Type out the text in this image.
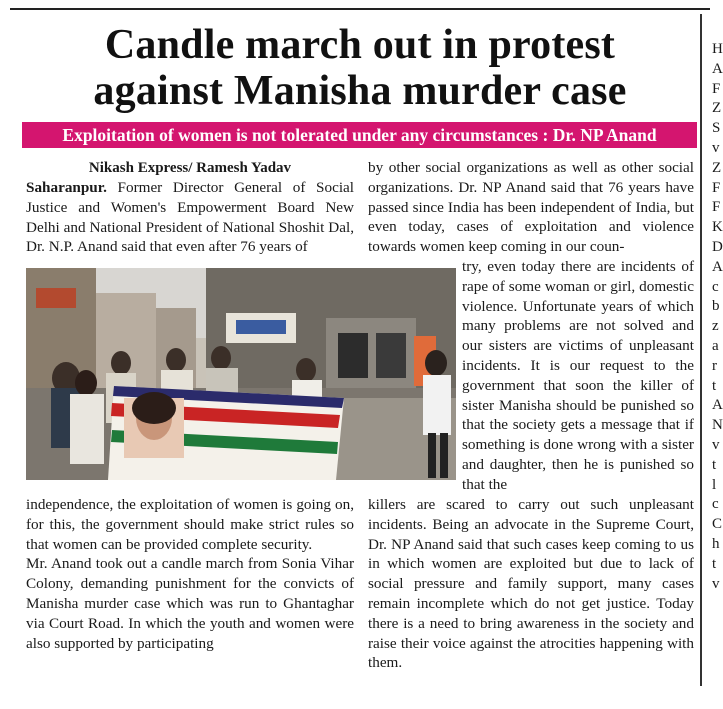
Candle march out in protest
against Manisha murder case
Exploitation of women is not tolerated under any circumstances : Dr. NP Anand
Nikash Express/ Ramesh Yadav

Saharanpur. Former Director General of Social Justice and Women's Empowerment Board New Delhi and National President of National Shoshit Dal, Dr. N.P. Anand said that even after 76 years of

independence, the exploitation of women is going on, for this, the government should make strict rules so that women can be provided complete security.

Mr. Anand took out a candle march from Sonia Vihar Colony, demanding punishment for the convicts of Manisha murder case which was run to Ghantaghar via Court Road. In which the youth and women were also supported by participating

by other social organizations as well as other social organizations. Dr. NP Anand said that 76 years have passed since India has been independent of India, but even today, cases of exploitation and violence towards women keep coming in our coun-

try, even today there are incidents of rape of some woman or girl, domestic violence. Unfortunate years of which many problems are not solved and our sisters are victims of unpleasant incidents. It is our request to the government that soon the killer of sister Manisha should be punished so that the society gets a message that if something is done wrong with a sister and daughter, then he is punished so that the

killers are scared to carry out such unpleasant incidents. Being an advocate in the Supreme Court, Dr. NP Anand said that such cases keep coming to us in which women are exploited but due to lack of social pressure and family support, many cases remain incomplete which do not get justice. Today there is a need to bring awareness in the society and raise their voice against the atrocities happening with them.

H
A
F
Z
S
v
Z
F
F
K
D
A
c
b
z
a
r
t
A
N
v
t
l
c
C
h
t
v
